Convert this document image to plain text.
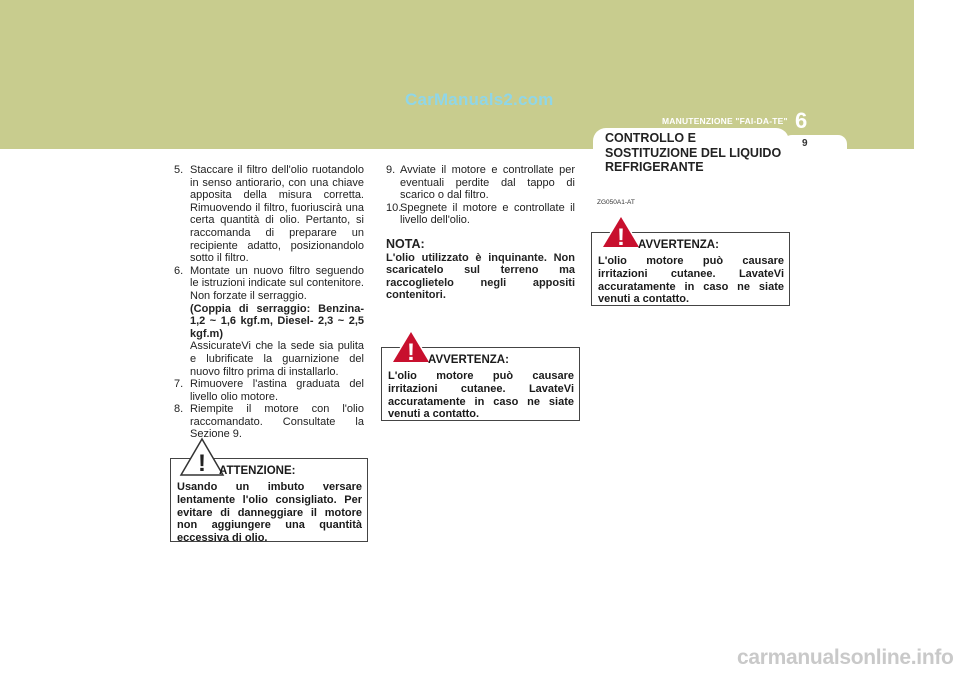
CarManuals2.com
MANUTENZIONE "FAI-DA-TE" 6
9
CONTROLLO E SOSTITUZIONE DEL LIQUIDO REFRIGERANTE
5. Staccare il filtro dell'olio ruotandolo in senso antiorario, con una chiave apposita della misura corretta. Rimuovendo il filtro, fuoriuscirà una certa quantità di olio. Pertanto, si raccomanda di preparare un recipiente adatto, posizionandolo sotto il filtro.
6. Montate un nuovo filtro seguendo le istruzioni indicate sul contenitore. Non forzate il serraggio.
(Coppia di serraggio: Benzina- 1,2 ~ 1,6 kgf.m, Diesel- 2,3 ~ 2,5 kgf.m)
AssicurateVi che la sede sia pulita e lubrificate la guarnizione del nuovo filtro prima di installarlo.
7. Rimuovere l'astina graduata del livello olio motore.
8. Riempite il motore con l'olio raccomandato. Consultate la Sezione 9.
! ATTENZIONE:
Usando un imbuto versare lentamente l'olio consigliato. Per evitare di danneggiare il motore non aggiungere una quantità eccessiva di olio.
9. Avviate il motore e controllate per eventuali perdite dal tappo di scarico o dal filtro.
10.
Spegnete il motore e controllate il livello dell'olio.
NOTA:
L'olio utilizzato è inquinante. Non scaricatelo sul terreno ma raccoglietelo negli appositi contenitori.
! AVVERTENZA:
L'olio motore può causare irritazioni cutanee. LavateVi accuratamente in caso ne siate venuti a contatto.
ZG050A1-AT
! AVVERTENZA:
L'olio motore può causare irritazioni cutanee. LavateVi accuratamente in caso ne siate venuti a contatto.
carmanualsonline.info
